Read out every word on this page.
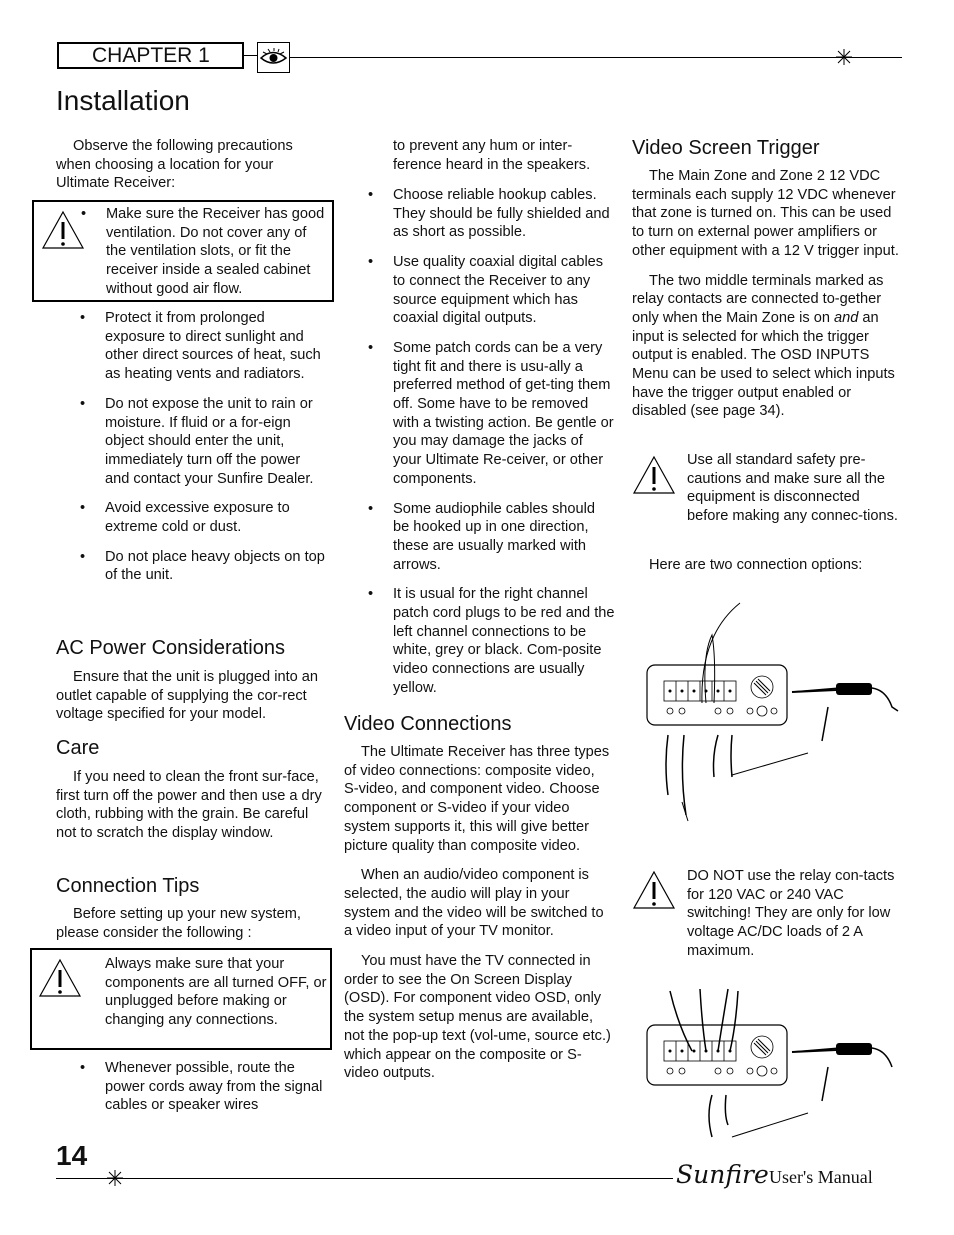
CHAPTER 1
Installation

Observe the following precautions when choosing a location for your Ultimate Receiver:

• Make sure the Receiver has good ventilation. Do not cover any of the ventilation slots, or fit the receiver inside a sealed cabinet without good air flow.
• Protect it from prolonged exposure to direct sunlight and other direct sources of heat, such as heating vents and radiators.
• Do not expose the unit to rain or moisture. If fluid or a for-eign object should enter the unit, immediately turn off the power and contact your Sunfire Dealer.
• Avoid excessive exposure to extreme cold or dust.
• Do not place heavy objects on top of the unit.
AC Power Considerations

Ensure that the unit is plugged into an outlet capable of supplying the cor-rect voltage specified for your model.

Care

If you need to clean the front sur-face, first turn off the power and then use a dry cloth, rubbing with the grain. Be careful not to scratch the display window.

Connection Tips

Before setting up your new system, please consider the following :

Always make sure that your components are all turned OFF, or unplugged before making or changing any connections.
• Whenever possible, route the power cords away from the signal cables or speaker wires
to prevent any hum or inter-ference heard in the speakers.
• Choose reliable hookup cables. They should be fully shielded and as short as possible.
• Use quality coaxial digital cables to connect the Receiver to any source equipment which has coaxial digital outputs.
• Some patch cords can be a very tight fit and there is usu-ally a preferred method of get-ting them off. Some have to be removed with a twisting action. Be gentle or you may damage the jacks of your Ultimate Re-ceiver, or other components.
• Some audiophile cables should be hooked up in one direction, these are usually marked with arrows.
• It is usual for the right channel patch cord plugs to be red and the left channel connections to be white, grey or black. Com-posite video connections are usually yellow.
Video Connections

The Ultimate Receiver has three types of video connections: composite video, S-video, and component video. Choose component or S-video if your video system supports it, this will give better picture quality than composite video.

When an audio/video component is selected, the audio will play in your system and the video will be switched to a video input of your TV monitor.

You must have the TV connected in order to see the On Screen Display (OSD). For component video OSD, only the system setup menus are available, not the pop-up text (vol-ume, source etc.) which appear on the composite or S-video outputs.

Video Screen Trigger

The Main Zone and Zone 2 12 VDC terminals each supply 12 VDC whenever that zone is turned on. This can be used to turn on external power amplifiers or other equipment with a 12 V trigger input.

The two middle terminals marked as relay contacts are connected to-gether only when the Main Zone is on and an input is selected for which the trigger output is enabled. The OSD INPUTS Menu can be used to select which inputs have the trigger output enabled or disabled (see page 34).

Use all standard safety pre-cautions and make sure all the equipment is disconnected before making any connec-tions.
Here are two connection options:
DO NOT use the relay con-tacts for 120 VAC or 240 VAC switching! They are only for low voltage AC/DC loads of 2 A maximum.
14
Sunfire User's Manual
